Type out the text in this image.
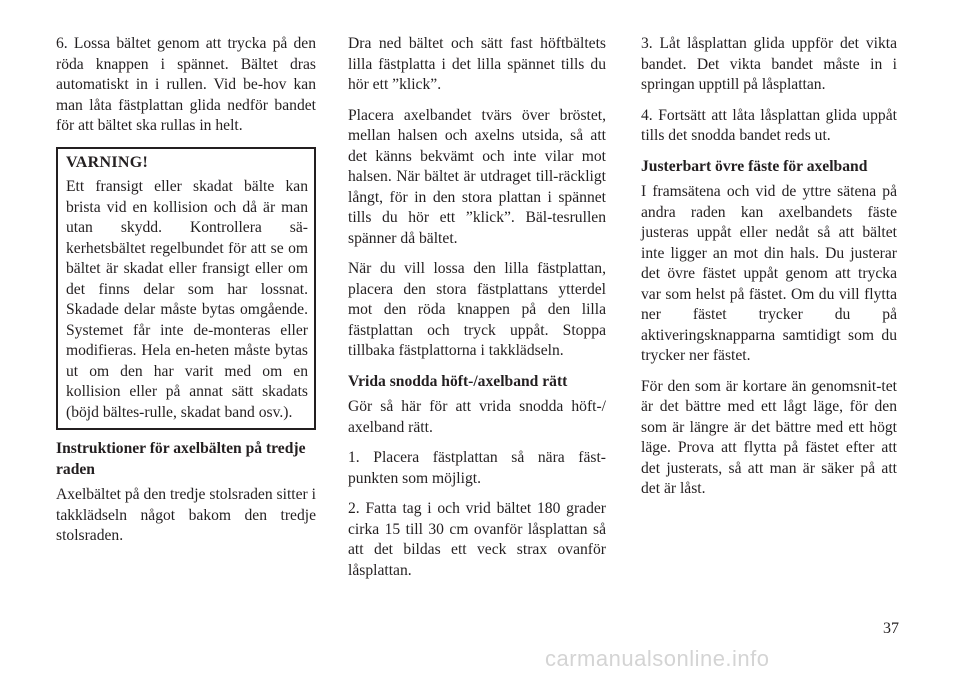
6. Lossa bältet genom att trycka på den röda knappen i spännet. Bältet dras automatiskt in i rullen. Vid be-hov kan man låta fästplattan glida nedför bandet för att bältet ska rullas in helt.

VARNING!

Ett fransigt eller skadat bälte kan brista vid en kollision och då är man utan skydd. Kontrollera sä-kerhetsbältet regelbundet för att se om bältet är skadat eller fransigt eller om det finns delar som har lossnat. Skadade delar måste bytas omgående. Systemet får inte de-monteras eller modifieras. Hela en-heten måste bytas ut om den har varit med om en kollision eller på annat sätt skadats (böjd bältes-rulle, skadat band osv.).

Instruktioner för axelbälten på tredje raden

Axelbältet på den tredje stolsraden sitter i takklädseln något bakom den tredje stolsraden.

Dra ned bältet och sätt fast höftbältets lilla fästplatta i det lilla spännet tills du hör ett ”klick”.

Placera axelbandet tvärs över bröstet, mellan halsen och axelns utsida, så att det känns bekvämt och inte vilar mot halsen. När bältet är utdraget till-räckligt långt, för in den stora plattan i spännet tills du hör ett ”klick”. Bäl-tesrullen spänner då bältet.

När du vill lossa den lilla fästplattan, placera den stora fästplattans ytterdel mot den röda knappen på den lilla fästplattan och tryck uppåt. Stoppa tillbaka fästplattorna i takklädseln.

Vrida snodda höft-/axelband rätt

Gör så här för att vrida snodda höft-/ axelband rätt.

1. Placera fästplattan så nära fäst-punkten som möjligt.

2. Fatta tag i och vrid bältet 180 grader cirka 15 till 30 cm ovanför låsplattan så att det bildas ett veck strax ovanför låsplattan.

3. Låt låsplattan glida uppför det vikta bandet. Det vikta bandet måste in i springan upptill på låsplattan.

4. Fortsätt att låta låsplattan glida uppåt tills det snodda bandet reds ut.

Justerbart övre fäste för axelband

I framsätena och vid de yttre sätena på andra raden kan axelbandets fäste justeras uppåt eller nedåt så att bältet inte ligger an mot din hals. Du justerar det övre fästet uppåt genom att trycka var som helst på fästet. Om du vill flytta ner fästet trycker du på aktiveringsknapparna samtidigt som du trycker ner fästet.

För den som är kortare än genomsnit-tet är det bättre med ett lågt läge, för den som är längre är det bättre med ett högt läge. Prova att flytta på fästet efter att det justerats, så att man är säker på att det är låst.

37
carmanualsonline.info
